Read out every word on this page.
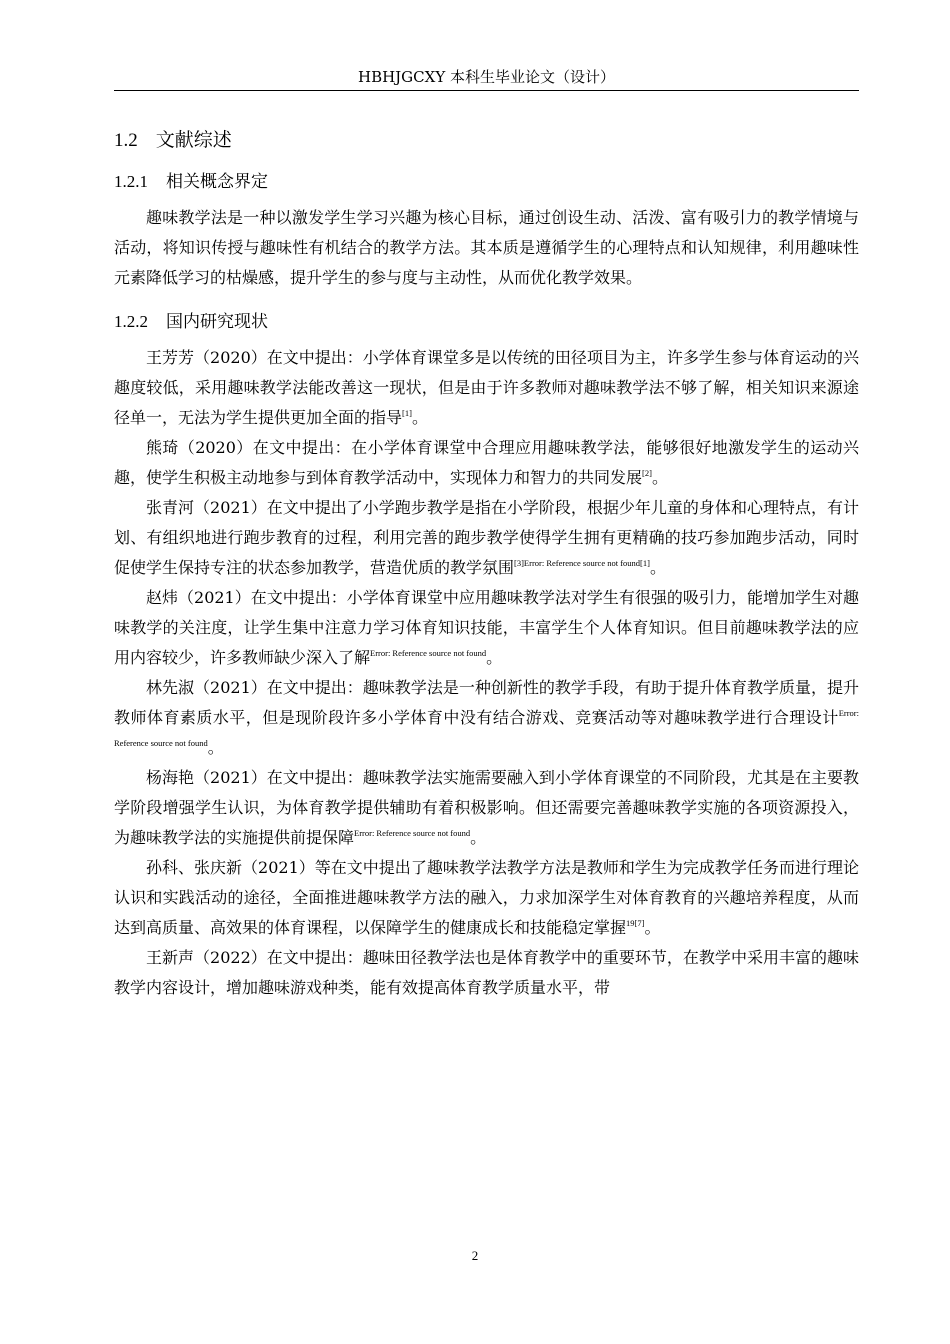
HBHJGCXY 本科生毕业论文（设计）
1.2 文献综述
1.2.1 相关概念界定

趣味教学法是一种以激发学生学习兴趣为核心目标，通过创设生动、活泼、富有吸引力的教学情境与活动，将知识传授与趣味性有机结合的教学方法。其本质是遵循学生的心理特点和认知规律，利用趣味性元素降低学习的枯燥感，提升学生的参与度与主动性，从而优化教学效果。

1.2.2 国内研究现状

王芳芳（2020）在文中提出：小学体育课堂多是以传统的田径项目为主，许多学生参与体育运动的兴趣度较低，采用趣味教学法能改善这一现状，但是由于许多教师对趣味教学法不够了解，相关知识来源途径单一，无法为学生提供更加全面的指导[1]。

熊琦（2020）在文中提出：在小学体育课堂中合理应用趣味教学法，能够很好地激发学生的运动兴趣，使学生积极主动地参与到体育教学活动中，实现体力和智力的共同发展[2]。

张青河（2021）在文中提出了小学跑步教学是指在小学阶段，根据少年儿童的身体和心理特点，有计划、有组织地进行跑步教育的过程，利用完善的跑步教学使得学生拥有更精确的技巧参加跑步活动，同时促使学生保持专注的状态参加教学，营造优质的教学氛围[3]Error: Reference source not found[1]。

赵炜（2021）在文中提出：小学体育课堂中应用趣味教学法对学生有很强的吸引力，能增加学生对趣味教学的关注度，让学生集中注意力学习体育知识技能，丰富学生个人体育知识。但目前趣味教学法的应用内容较少，许多教师缺少深入了解$^{Error: Reference source not found}$。

林先淑（2021）在文中提出：趣味教学法是一种创新性的教学手段，有助于提升体育教学质量，提升教师体育素质水平，但是现阶段许多小学体育中没有结合游戏、竞赛活动等对趣味教学进行合理设计$^{Error: Reference source not found}$。

杨海艳（2021）在文中提出：趣味教学法实施需要融入到小学体育课堂的不同阶段，尤其是在主要教学阶段增强学生认识，为体育教学提供辅助有着积极影响。但还需要完善趣味教学实施的各项资源投入，为趣味教学法的实施提供前提保障$^{Error: Reference source not found}$。

孙科、张庆新（2021）等在文中提出了趣味教学法教学方法是教师和学生为完成教学任务而进行理论认识和实践活动的途径，全面推进趣味教学方法的融入，力求加深学生对体育教育的兴趣培养程度，从而达到高质量、高效果的体育课程，以保障学生的健康成长和技能稳定掌握$^{19[7]}$。

王新声（2022）在文中提出：趣味田径教学法也是体育教学中的重要环节，在教学中采用丰富的趣味教学内容设计，增加趣味游戏种类，能有效提高体育教学质量水平，带

2
